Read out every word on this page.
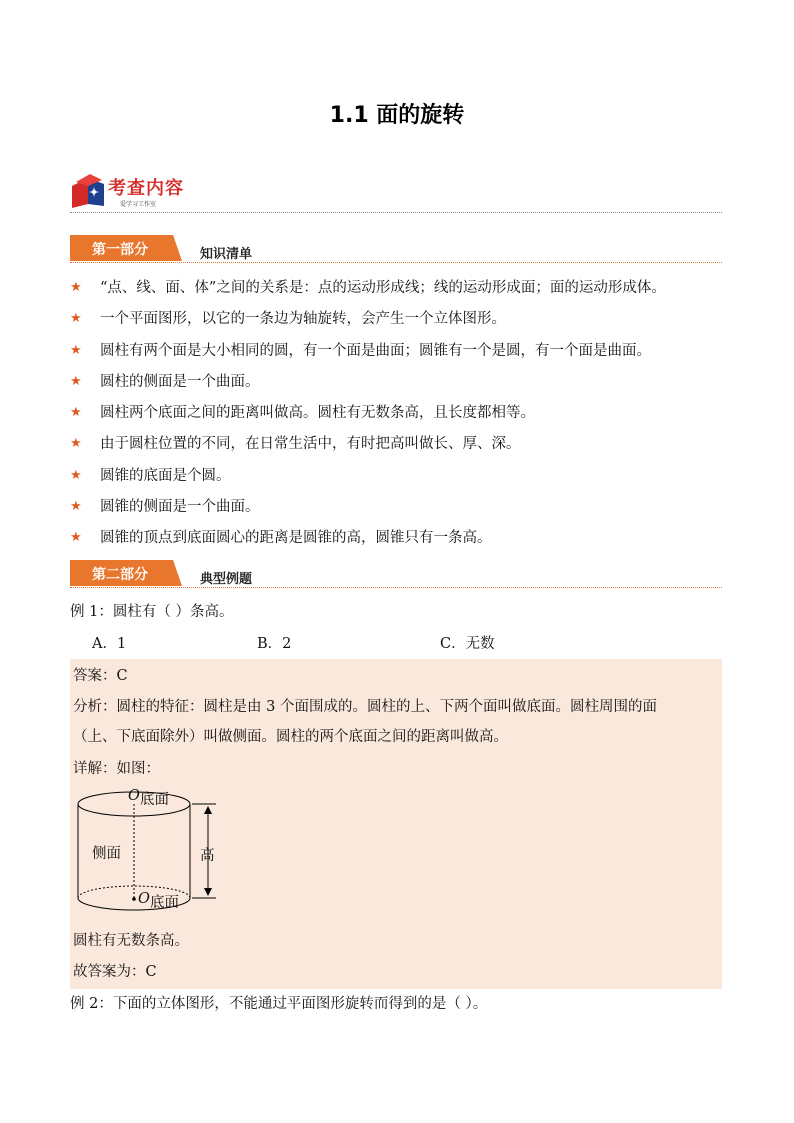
1.1 面的旋转
考查内容
爱学习工作室
第一部分	知识清单
★ “点、线、面、体”之间的关系是：点的运动形成线；线的运动形成面；面的运动形成体。
★ 一个平面图形，以它的一条边为轴旋转，会产生一个立体图形。
★ 圆柱有两个面是大小相同的圆，有一个面是曲面；圆锥有一个是圆，有一个面是曲面。
★ 圆柱的侧面是一个曲面。
★ 圆柱两个底面之间的距离叫做高。圆柱有无数条高，且长度都相等。
★ 由于圆柱位置的不同，在日常生活中，有时把高叫做长、厚、深。
★ 圆锥的底面是个圆。
★ 圆锥的侧面是一个曲面。
★ 圆锥的顶点到底面圆心的距离是圆锥的高，圆锥只有一条高。
第二部分	典型例题
例 1：圆柱有（ ）条高。
A．1	B．2	C．无数
答案：C
分析：圆柱的特征：圆柱是由 3 个面围成的。圆柱的上、下两个面叫做底面。圆柱周围的面
（上、下底面除外）叫做侧面。圆柱的两个底面之间的距离叫做高。
详解：如图：
圆柱有无数条高。
故答案为：C
O 底面
侧面	高
O 底面
例 2：下面的立体图形，不能通过平面图形旋转而得到的是（ ）。
